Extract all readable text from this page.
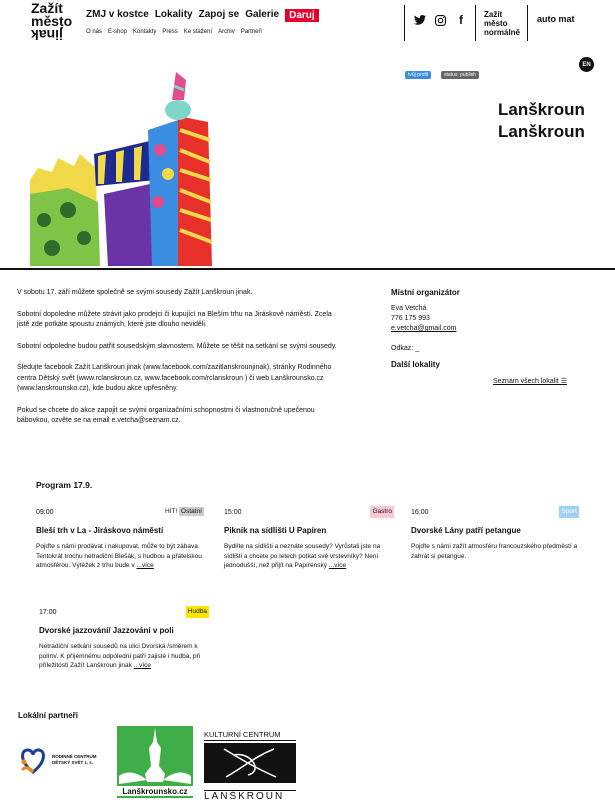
Zažít
město
jinak
ZMJ v kostce Lokality Zapoj se Galerie	Daruj
O nás E-shop Kontakty Press Ke stažení Archiv Partneři
f	Zažít
město
normálně
auto mat
EN
tvůj profil	status: publish
Lanškroun
Lanškroun

V sobotu 17. září můžete společně se svými sousedy Zažít Lanškroun jinak.

Sobotní dopoledne můžete strávit jako prodejci či kupující na Bleším trhu na Jiráskově náměstí. Zcela jistě zde potkáte spoustu známých, které jste dlouho neviděli.

Sobotní odpoledne budou patřit sousedským slavnostem. Můžete se těšit na setkání se svými sousedy.

Sledujte facebook Zažít Lanškroun jinak (www.facebook.com/zazitlanskrounjinak), stránky Rodinného centra Dětský svět (www.rclanskroun.cz, www.facebook.com/rclanskroun ) či web Lanškrounsko.cz (www.lanskrounsko.cz), kde budou akce upřesněny.

Pokud se chcete do akce zapojit se svými organizačními schopnostmi či vlastnoručně upečenou bábovkou, ozvěte se na email e.vetcha@seznam.cz.

Místní organizátor
Eva Vetchá
776 175 993
e.vetcha@gmail.com
Odkaz: _
Další lokality
Seznam všech lokalit ☰
Program 17.9.
09:00	HIT! Ostatní
Bleší trh v La - Jiráskovo náměstí
Pojďte s námi prodávat i nakupovat, může to být zábava. Tentokrát trochu netradiční Blešák, s hudbou a přátelskou atmosférou. Výtěžek z trhu bude v ...více
15:00	Gastro
Piknik na sídlišti U Papíren
Bydlíte na sídlišti a neznáte sousedy? Vyrůstali jste na sídlišti a chcete po letech potkat své vrstevníky? Není jednodušší, než přijít na Papírenský ...více
16:00	Sport
Dvorské Lány patří petangue
Pojďte s námi zažít atmosféru francouzského předměstí a zahrát si petangue.
17:00	Hudba
Dvorské jazzování/ Jazzování v poli
Netradiční setkání sousedů na ulici Dvorská /směrem k polím/. K příjemnému odpolední patří zajisté i hudba, při příležitosti Zažít Lanškroun jinak ...více
Lokální partneři
RODINNÉ CENTRUM
DĚTSKÝ SVĚT z. s.
Lanškrounsko.cz
KULTURNÍ CENTRUM
LANŠKROUN
